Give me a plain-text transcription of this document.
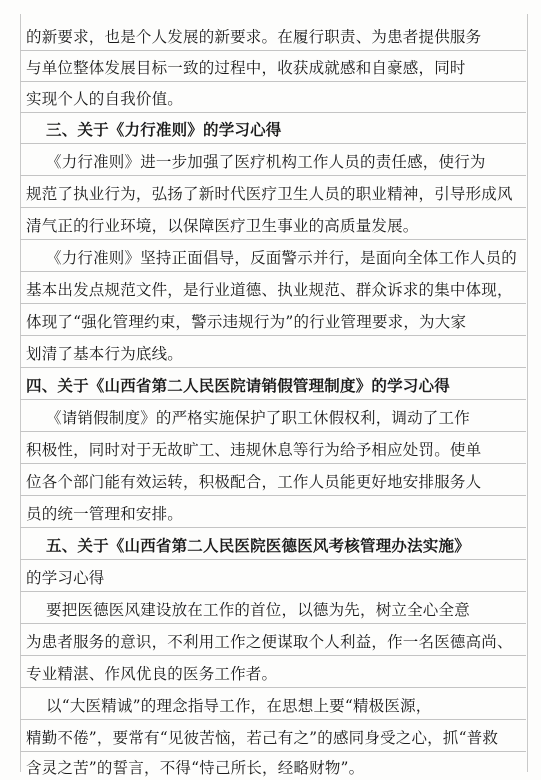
的新要求，也是个人发展的新要求。在履行职责、为患者提供服务
与单位整体发展目标一致的过程中，收获成就感和自豪感，同时
实现个人的自我价值。
三、关于《力行准则》的学习心得
《力行准则》进一步加强了医疗机构工作人员的责任感，使行为
规范了执业行为，弘扬了新时代医疗卫生人员的职业精神，引导形成风
清气正的行业环境，以保障医疗卫生事业的高质量发展。
《力行准则》坚持正面倡导，反面警示并行，是面向全体工作人员的
基本出发点规范文件，是行业道德、执业规范、群众诉求的集中体现，
体现了“强化管理约束，警示违规行为”的行业管理要求，为大家
划清了基本行为底线。
四、关于《山西省第二人民医院请销假管理制度》的学习心得
《请销假制度》的严格实施保护了职工休假权利，调动了工作
积极性，同时对于无故旷工、违规休息等行为给予相应处罚。使单
位各个部门能有效运转，积极配合，工作人员能更好地安排服务人
员的统一管理和安排。
五、关于《山西省第二人民医院医德医风考核管理办法实施》
的学习心得
要把医德医风建设放在工作的首位，以德为先，树立全心全意
为患者服务的意识，不利用工作之便谋取个人利益，作一名医德高尚、
专业精湛、作风优良的医务工作者。
以“大医精诚”的理念指导工作，在思想上要“精极医源，
精勤不倦”，要常有“见彼苦恼，若己有之”的感同身受之心，抓“普救
含灵之苦”的誓言，不得“恃己所长，经略财物”。
